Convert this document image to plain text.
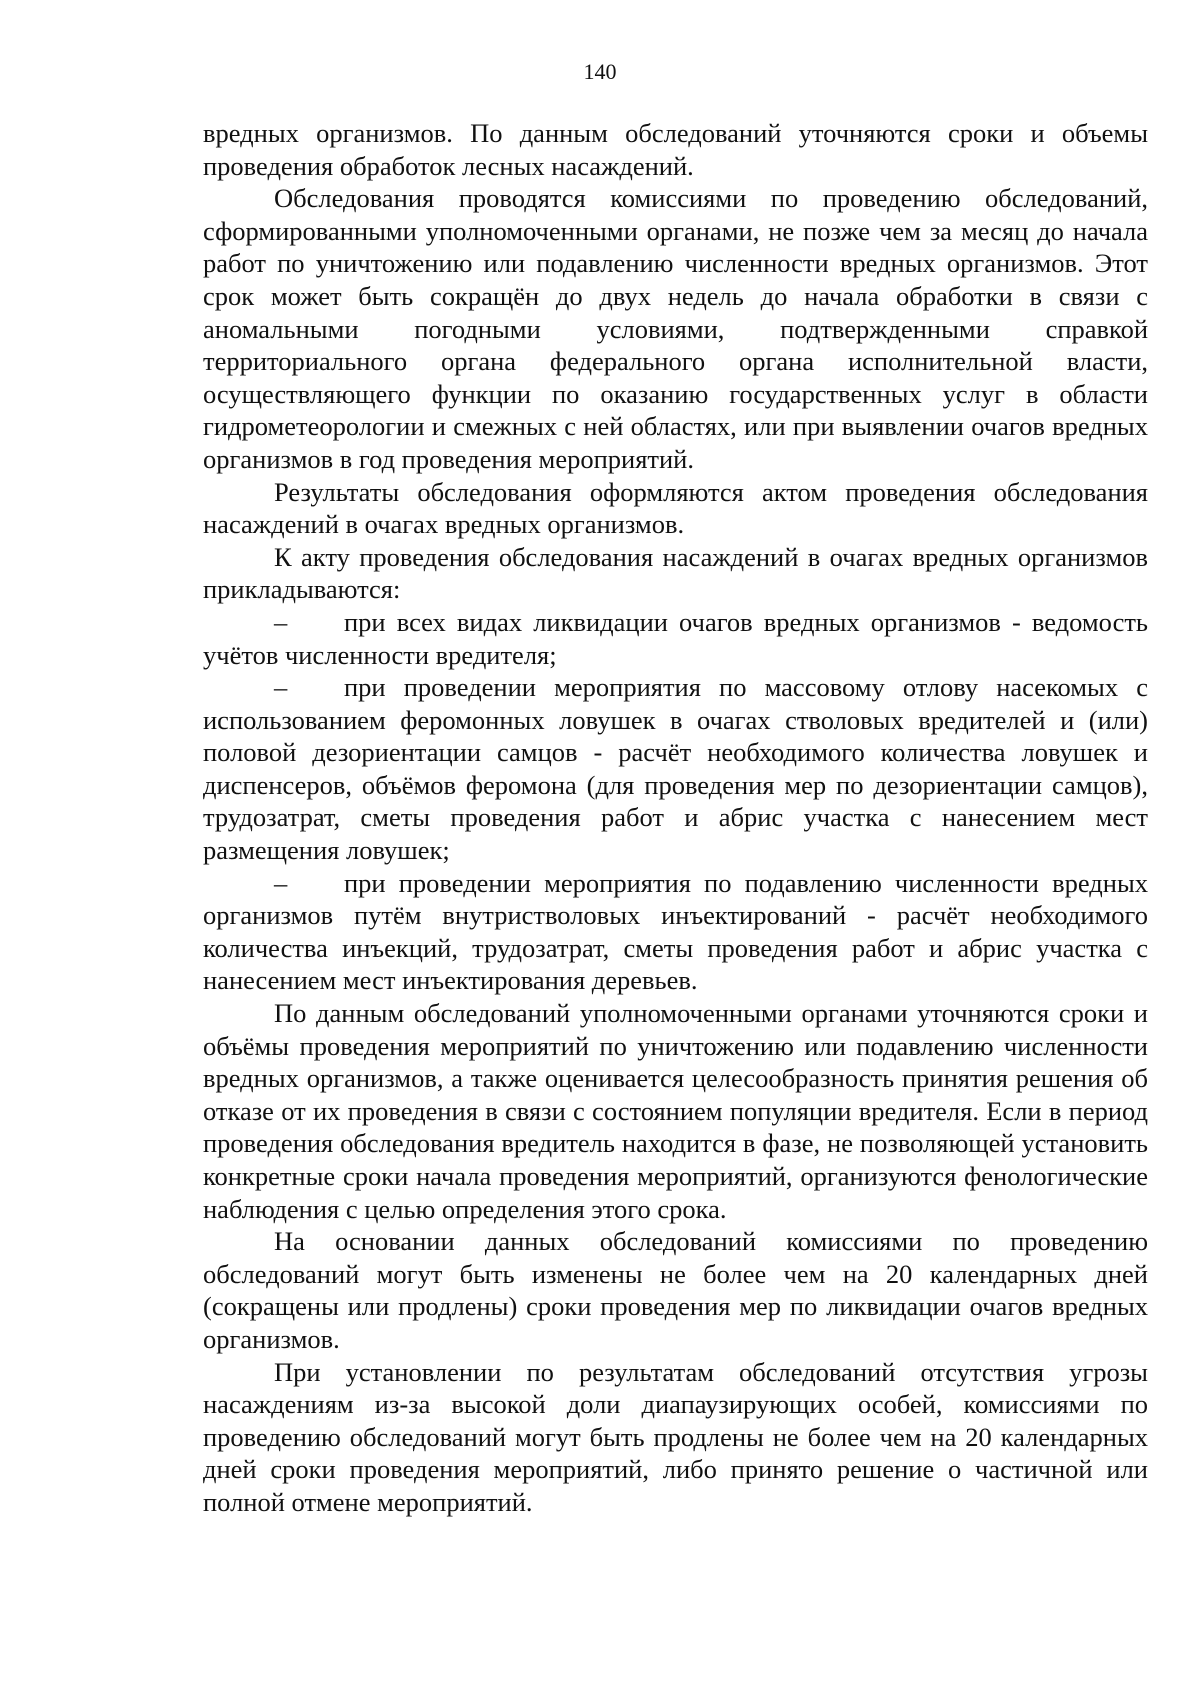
140

вредных организмов. По данным обследований уточняются сроки и объемы проведения обработок лесных насаждений.

Обследования проводятся комиссиями по проведению обследований, сформированными уполномоченными органами, не позже чем за месяц до начала работ по уничтожению или подавлению численности вредных организмов. Этот срок может быть сокращён до двух недель до начала обработки в связи с аномальными погодными условиями, подтвержденными справкой территориального органа федерального органа исполнительной власти, осуществляющего функции по оказанию государственных услуг в области гидрометеорологии и смежных с ней областях, или при выявлении очагов вредных организмов в год проведения мероприятий.

Результаты обследования оформляются актом проведения обследования насаждений в очагах вредных организмов.

К акту проведения обследования насаждений в очагах вредных организмов прикладываются:

– при всех видах ликвидации очагов вредных организмов - ведомость учётов численности вредителя;

– при проведении мероприятия по массовому отлову насекомых с использованием феромонных ловушек в очагах стволовых вредителей и (или) половой дезориентации самцов - расчёт необходимого количества ловушек и диспенсеров, объёмов феромона (для проведения мер по дезориентации самцов), трудозатрат, сметы проведения работ и абрис участка с нанесением мест размещения ловушек;

– при проведении мероприятия по подавлению численности вредных организмов путём внутристволовых инъектирований - расчёт необходимого количества инъекций, трудозатрат, сметы проведения работ и абрис участка с нанесением мест инъектирования деревьев.

По данным обследований уполномоченными органами уточняются сроки и объёмы проведения мероприятий по уничтожению или подавлению численности вредных организмов, а также оценивается целесообразность принятия решения об отказе от их проведения в связи с состоянием популяции вредителя. Если в период проведения обследования вредитель находится в фазе, не позволяющей установить конкретные сроки начала проведения мероприятий, организуются фенологические наблюдения с целью определения этого срока.

На основании данных обследований комиссиями по проведению обследований могут быть изменены не более чем на 20 календарных дней (сокращены или продлены) сроки проведения мер по ликвидации очагов вредных организмов.

При установлении по результатам обследований отсутствия угрозы насаждениям из-за высокой доли диапаузирующих особей, комиссиями по проведению обследований могут быть продлены не более чем на 20 календарных дней сроки проведения мероприятий, либо принято решение о частичной или полной отмене мероприятий.
